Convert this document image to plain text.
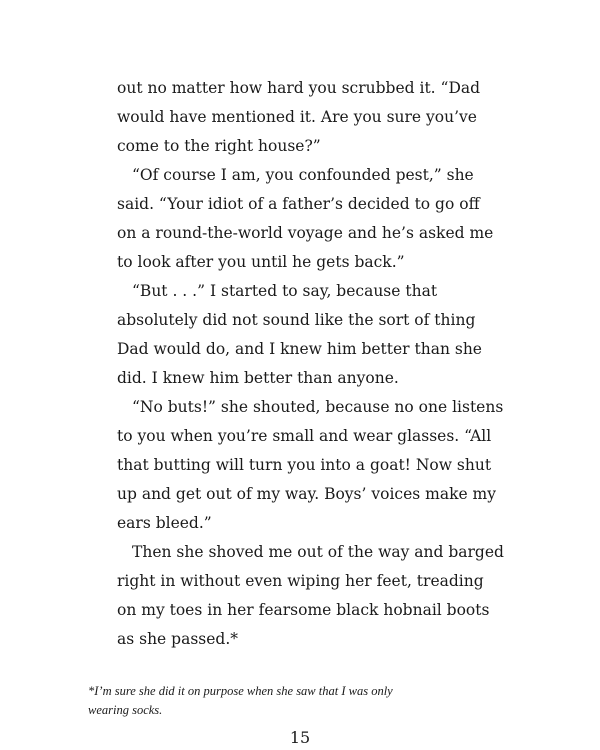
out no matter how hard you scrubbed it. “Dad
would have mentioned it. Are you sure you’ve
come to the right house?”
“Of course I am, you confounded pest,” she
said. “Your idiot of a father’s decided to go off
on a round-the-world voyage and he’s asked me
to look after you until he gets back.”
“But . . .” I started to say, because that
absolutely did not sound like the sort of thing
Dad would do, and I knew him better than she
did. I knew him better than anyone.
“No buts!” she shouted, because no one listens
to you when you’re small and wear glasses. “All
that butting will turn you into a goat! Now shut
up and get out of my way. Boys’ voices make my
ears bleed.”
Then she shoved me out of the way and barged
right in without even wiping her feet, treading
on my toes in her fearsome black hobnail boots
as she passed.*
*I’m sure she did it on purpose when she saw that I was only
wearing socks.
15
